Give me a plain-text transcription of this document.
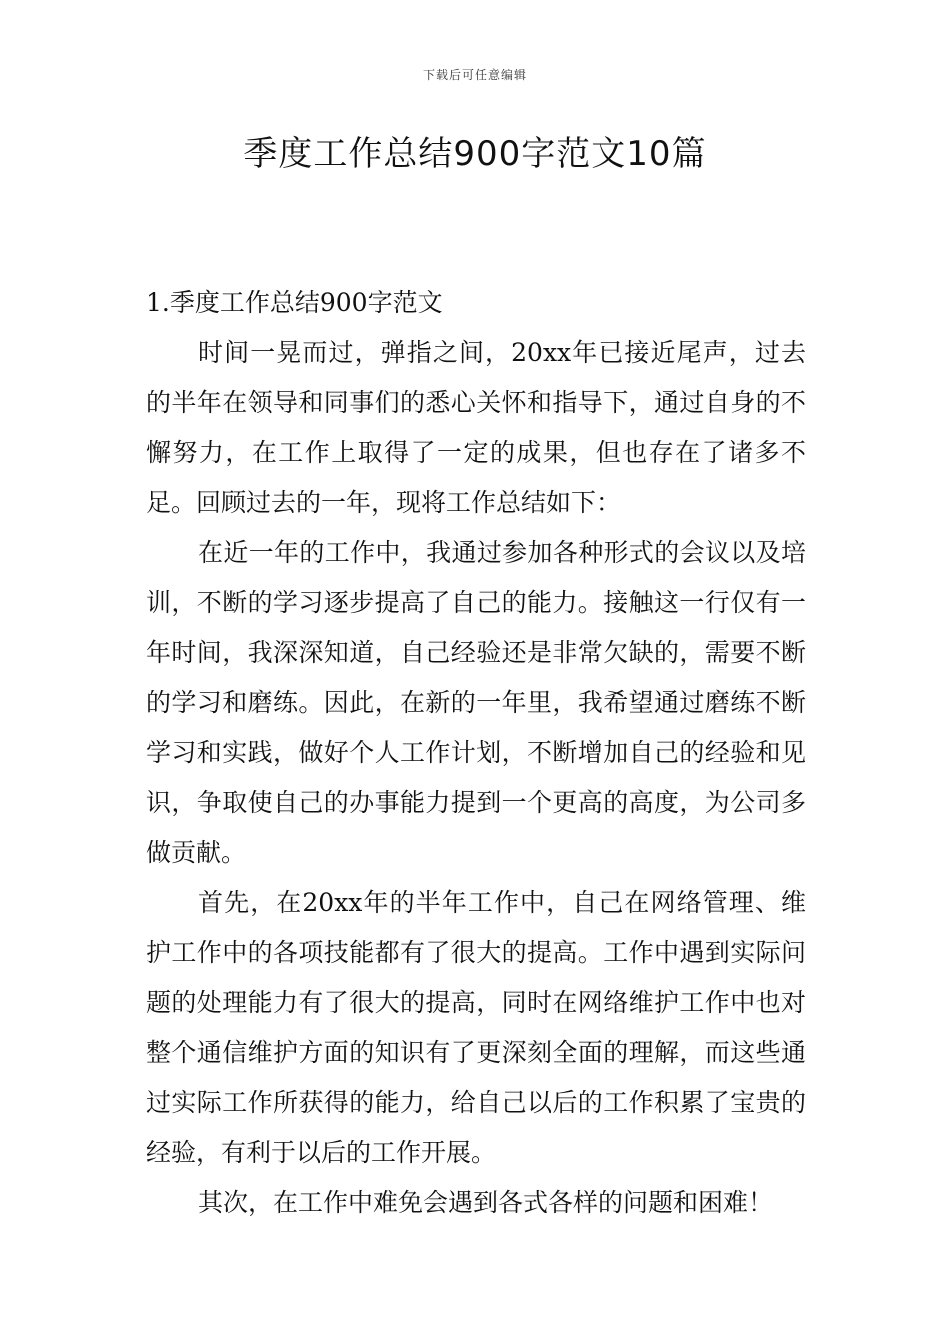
下载后可任意编辑
季度工作总结900字范文10篇

1.季度工作总结900字范文

时间一晃而过，弹指之间，20xx年已接近尾声，过去的半年在领导和同事们的悉心关怀和指导下，通过自身的不懈努力，在工作上取得了一定的成果，但也存在了诸多不足。回顾过去的一年，现将工作总结如下：

在近一年的工作中，我通过参加各种形式的会议以及培训，不断的学习逐步提高了自己的能力。接触这一行仅有一年时间，我深深知道，自己经验还是非常欠缺的，需要不断的学习和磨练。因此，在新的一年里，我希望通过磨练不断学习和实践，做好个人工作计划，不断增加自己的经验和见识，争取使自己的办事能力提到一个更高的高度，为公司多做贡献。

首先，在20xx年的半年工作中，自己在网络管理、维护工作中的各项技能都有了很大的提高。工作中遇到实际问题的处理能力有了很大的提高，同时在网络维护工作中也对整个通信维护方面的知识有了更深刻全面的理解，而这些通过实际工作所获得的能力，给自己以后的工作积累了宝贵的经验，有利于以后的工作开展。

其次，在工作中难免会遇到各式各样的问题和困难！
